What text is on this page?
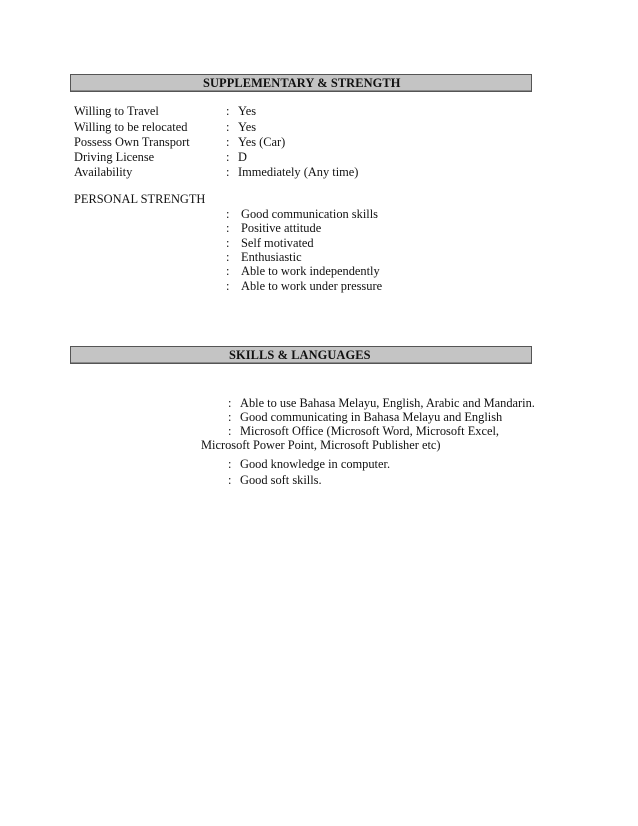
SUPPLEMENTARY & STRENGTH
Willing to Travel	: Yes
Willing to be relocated	: Yes
Possess Own Transport	: Yes (Car)
Driving License	: D
Availability	: Immediately (Any time)
PERSONAL STRENGTH
: Good communication skills
: Positive attitude
: Self motivated
: Enthusiastic
: Able to work independently
: Able to work under pressure
SKILLS & LANGUAGES
: Able to use Bahasa Melayu, English, Arabic and Mandarin.
: Good communicating in Bahasa Melayu and English
: Microsoft Office (Microsoft Word, Microsoft Excel,
Microsoft Power Point, Microsoft Publisher etc)
: Good knowledge in computer.
: Good soft skills.
